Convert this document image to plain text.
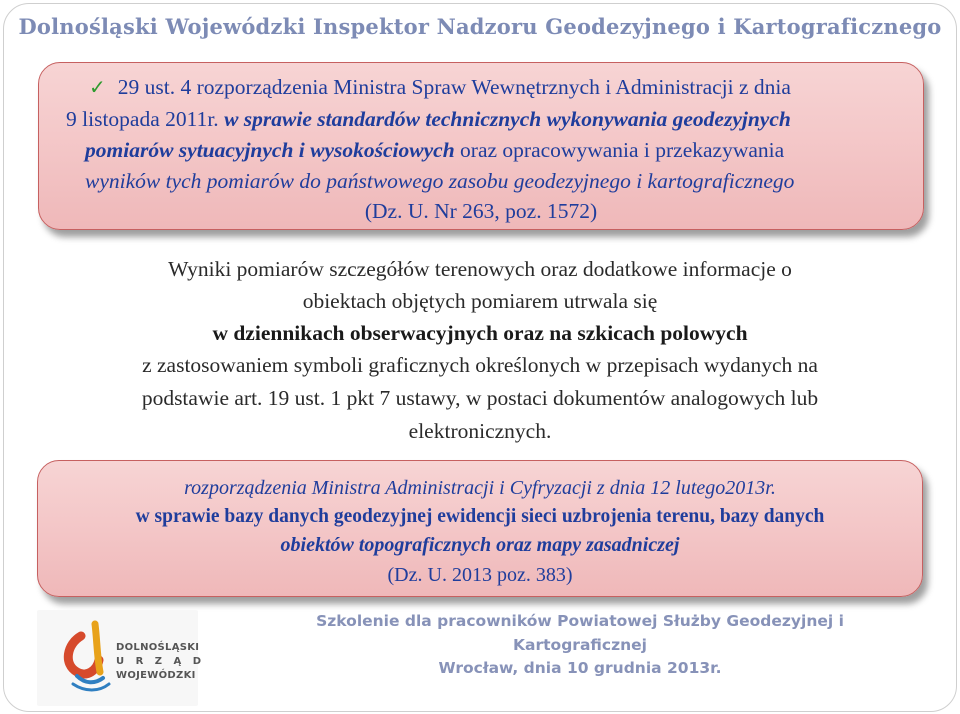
Dolnośląski Wojewódzki Inspektor Nadzoru Geodezyjnego i Kartograficznego
✓ 29 ust. 4 rozporządzenia Ministra Spraw Wewnętrznych i Administracji z dnia
9 listopada 2011r. w sprawie standardów technicznych wykonywania geodezyjnych
pomiarów sytuacyjnych i wysokościowych oraz opracowywania i przekazywania
wyników tych pomiarów do państwowego zasobu geodezyjnego i kartograficznego
(Dz. U. Nr 263, poz. 1572)
Wyniki pomiarów szczegółów terenowych oraz dodatkowe informacje o
obiektach objętych pomiarem utrwala się
w dziennikach obserwacyjnych oraz na szkicach polowych
z zastosowaniem symboli graficznych określonych w przepisach wydanych na
podstawie art. 19 ust. 1 pkt 7 ustawy, w postaci dokumentów analogowych lub
elektronicznych.
rozporządzenia Ministra Administracji i Cyfryzacji z dnia 12 lutego2013r.
w sprawie bazy danych geodezyjnej ewidencji sieci uzbrojenia terenu, bazy danych
obiektów topograficznych oraz mapy zasadniczej
(Dz. U. 2013 poz. 383)
DOLNOŚLĄSKI
U R Z Ą D
WOJEWÓDZKI
Szkolenie dla pracowników Powiatowej Służby Geodezyjnej i
Kartograficznej
Wrocław, dnia 10 grudnia 2013r.
